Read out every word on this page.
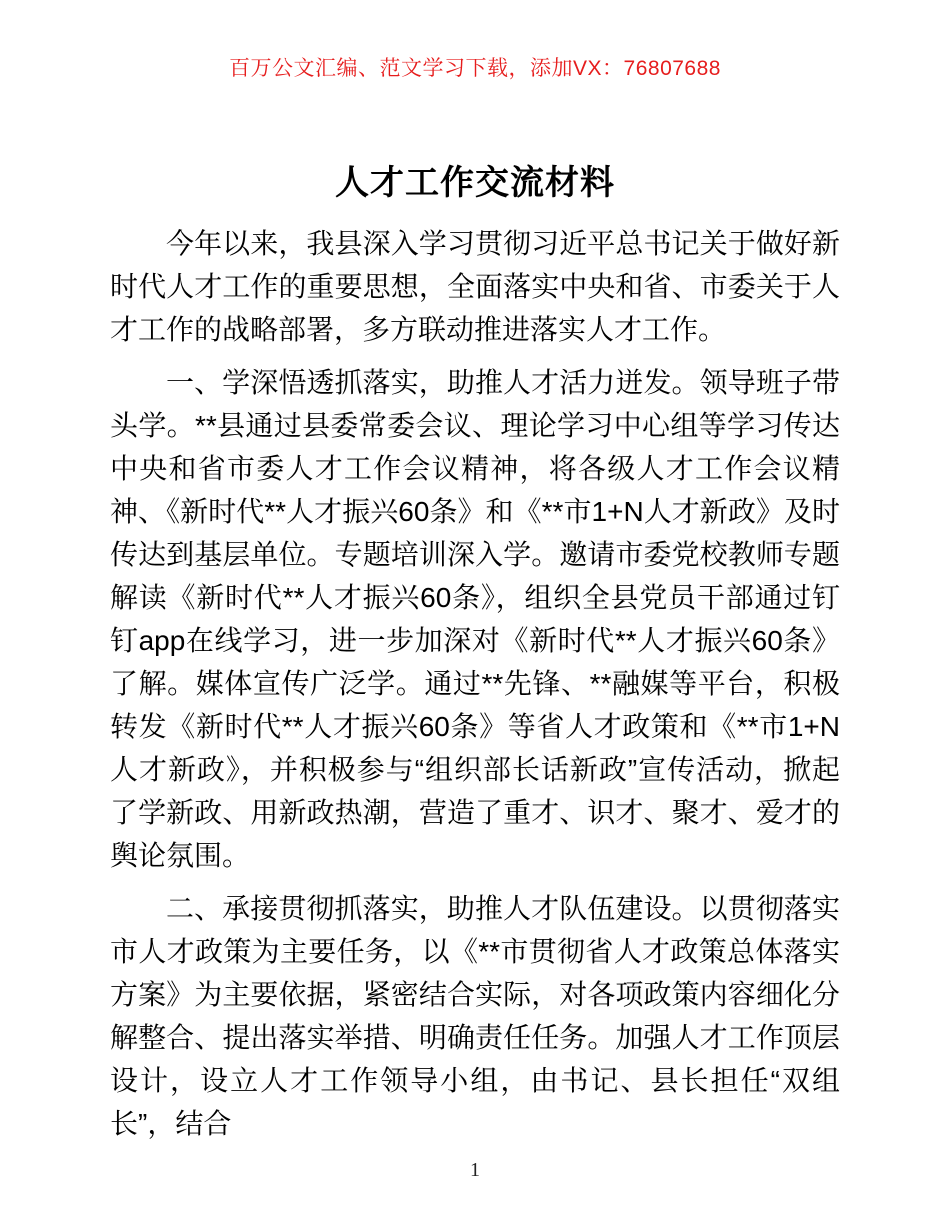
百万公文汇编、范文学习下载，添加VX：76807688
人才工作交流材料

今年以来，我县深入学习贯彻习近平总书记关于做好新时代人才工作的重要思想，全面落实中央和省、市委关于人才工作的战略部署，多方联动推进落实人才工作。

一、学深悟透抓落实，助推人才活力迸发。领导班子带头学。**县通过县委常委会议、理论学习中心组等学习传达中央和省市委人才工作会议精神，将各级人才工作会议精神、《新时代**人才振兴60条》和《**市1+N人才新政》及时传达到基层单位。专题培训深入学。邀请市委党校教师专题解读《新时代**人才振兴60条》，组织全县党员干部通过钉钉app在线学习，进一步加深对《新时代**人才振兴60条》了解。媒体宣传广泛学。通过**先锋、**融媒等平台，积极转发《新时代**人才振兴60条》等省人才政策和《**市1+N人才新政》，并积极参与“组织部长话新政”宣传活动，掀起了学新政、用新政热潮，营造了重才、识才、聚才、爱才的舆论氛围。

二、承接贯彻抓落实，助推人才队伍建设。以贯彻落实市人才政策为主要任务，以《**市贯彻省人才政策总体落实方案》为主要依据，紧密结合实际，对各项政策内容细化分解整合、提出落实举措、明确责任任务。加强人才工作顶层设计，设立人才工作领导小组，由书记、县长担任“双组长”，结合

1
